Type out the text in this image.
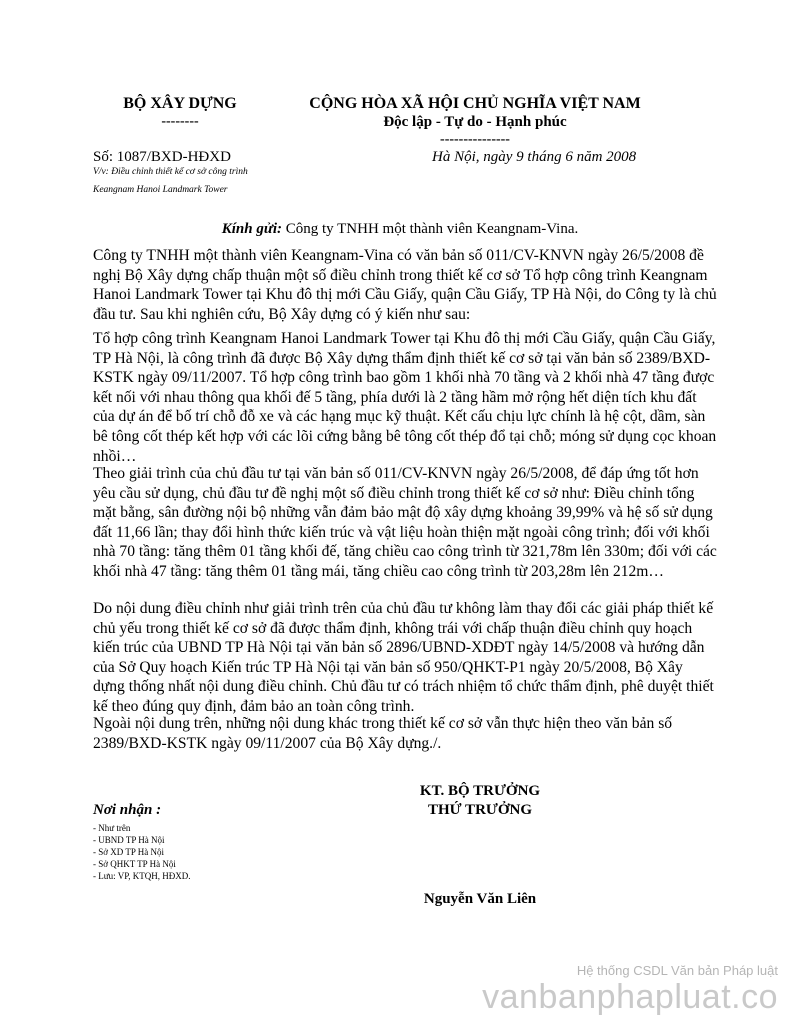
BỘ XÂY DỰNG
--------
CỘNG HÒA XÃ HỘI CHỦ NGHĨA VIỆT NAM
Độc lập - Tự do - Hạnh phúc
---------------
Số: 1087/BXD-HĐXD	Hà Nội, ngày 9 tháng 6 năm 2008
V/v: Điều chỉnh thiết kế cơ sở công trình
Keangnam Hanoi Landmark Tower
Kính gửi: Công ty TNHH một thành viên Keangnam-Vina.
Công ty TNHH một thành viên Keangnam-Vina có văn bản số 011/CV-KNVN ngày 26/5/2008 đề nghị Bộ Xây dựng chấp thuận một số điều chỉnh trong thiết kế cơ sở Tổ hợp công trình Keangnam Hanoi Landmark Tower tại Khu đô thị mới Cầu Giấy, quận Cầu Giấy, TP Hà Nội, do Công ty là chủ đầu tư. Sau khi nghiên cứu, Bộ Xây dựng có ý kiến như sau:
Tổ hợp công trình Keangnam Hanoi Landmark Tower tại Khu đô thị mới Cầu Giấy, quận Cầu Giấy, TP Hà Nội, là công trình đã được Bộ Xây dựng thẩm định thiết kế cơ sở tại văn bản số 2389/BXD-KSTK ngày 09/11/2007. Tổ hợp công trình bao gồm 1 khối nhà 70 tầng và 2 khối nhà 47 tầng được kết nối với nhau thông qua khối đế 5 tầng, phía dưới là 2 tầng hầm mở rộng hết diện tích khu đất của dự án để bố trí chỗ đỗ xe và các hạng mục kỹ thuật. Kết cấu chịu lực chính là hệ cột, dầm, sàn bê tông cốt thép kết hợp với các lõi cứng bằng bê tông cốt thép đổ tại chỗ; móng sử dụng cọc khoan nhồi…
Theo giải trình của chủ đầu tư tại văn bản số 011/CV-KNVN ngày 26/5/2008, để đáp ứng tốt hơn yêu cầu sử dụng, chủ đầu tư đề nghị một số điều chỉnh trong thiết kế cơ sở như: Điều chỉnh tổng mặt bằng, sân đường nội bộ những vẫn đảm bảo mật độ xây dựng khoảng 39,99% và hệ số sử dụng đất 11,66 lần; thay đổi hình thức kiến trúc và vật liệu hoàn thiện mặt ngoài công trình; đối với khối nhà 70 tầng: tăng thêm 01 tầng khối đế, tăng chiều cao công trình từ 321,78m lên 330m; đối với các khối nhà 47 tầng: tăng thêm 01 tầng mái, tăng chiều cao công trình từ 203,28m lên 212m…
Do nội dung điều chỉnh như giải trình trên của chủ đầu tư không làm thay đổi các giải pháp thiết kế chủ yếu trong thiết kế cơ sở đã được thẩm định, không trái với chấp thuận điều chỉnh quy hoạch kiến trúc của UBND TP Hà Nội tại văn bản số 2896/UBND-XDĐT ngày 14/5/2008 và hướng dẫn của Sở Quy hoạch Kiến trúc TP Hà Nội tại văn bản số 950/QHKT-P1 ngày 20/5/2008, Bộ Xây dựng thống nhất nội dung điều chỉnh. Chủ đầu tư có trách nhiệm tổ chức thẩm định, phê duyệt thiết kế theo đúng quy định, đảm bảo an toàn công trình.
Ngoài nội dung trên, những nội dung khác trong thiết kế cơ sở vẫn thực hiện theo văn bản số 2389/BXD-KSTK ngày 09/11/2007 của Bộ Xây dựng./.
KT. BỘ TRƯỞNG
THỨ TRƯỞNG
Nguyễn Văn Liên
Nơi nhận :
- Như trên
- UBND TP Hà Nội
- Sở XD TP Hà Nội
- Sở QHKT TP Hà Nội
- Lưu: VP, KTQH, HĐXD.
Hệ thống CSDL Văn bản Pháp luật
vanbanphapluat.co
